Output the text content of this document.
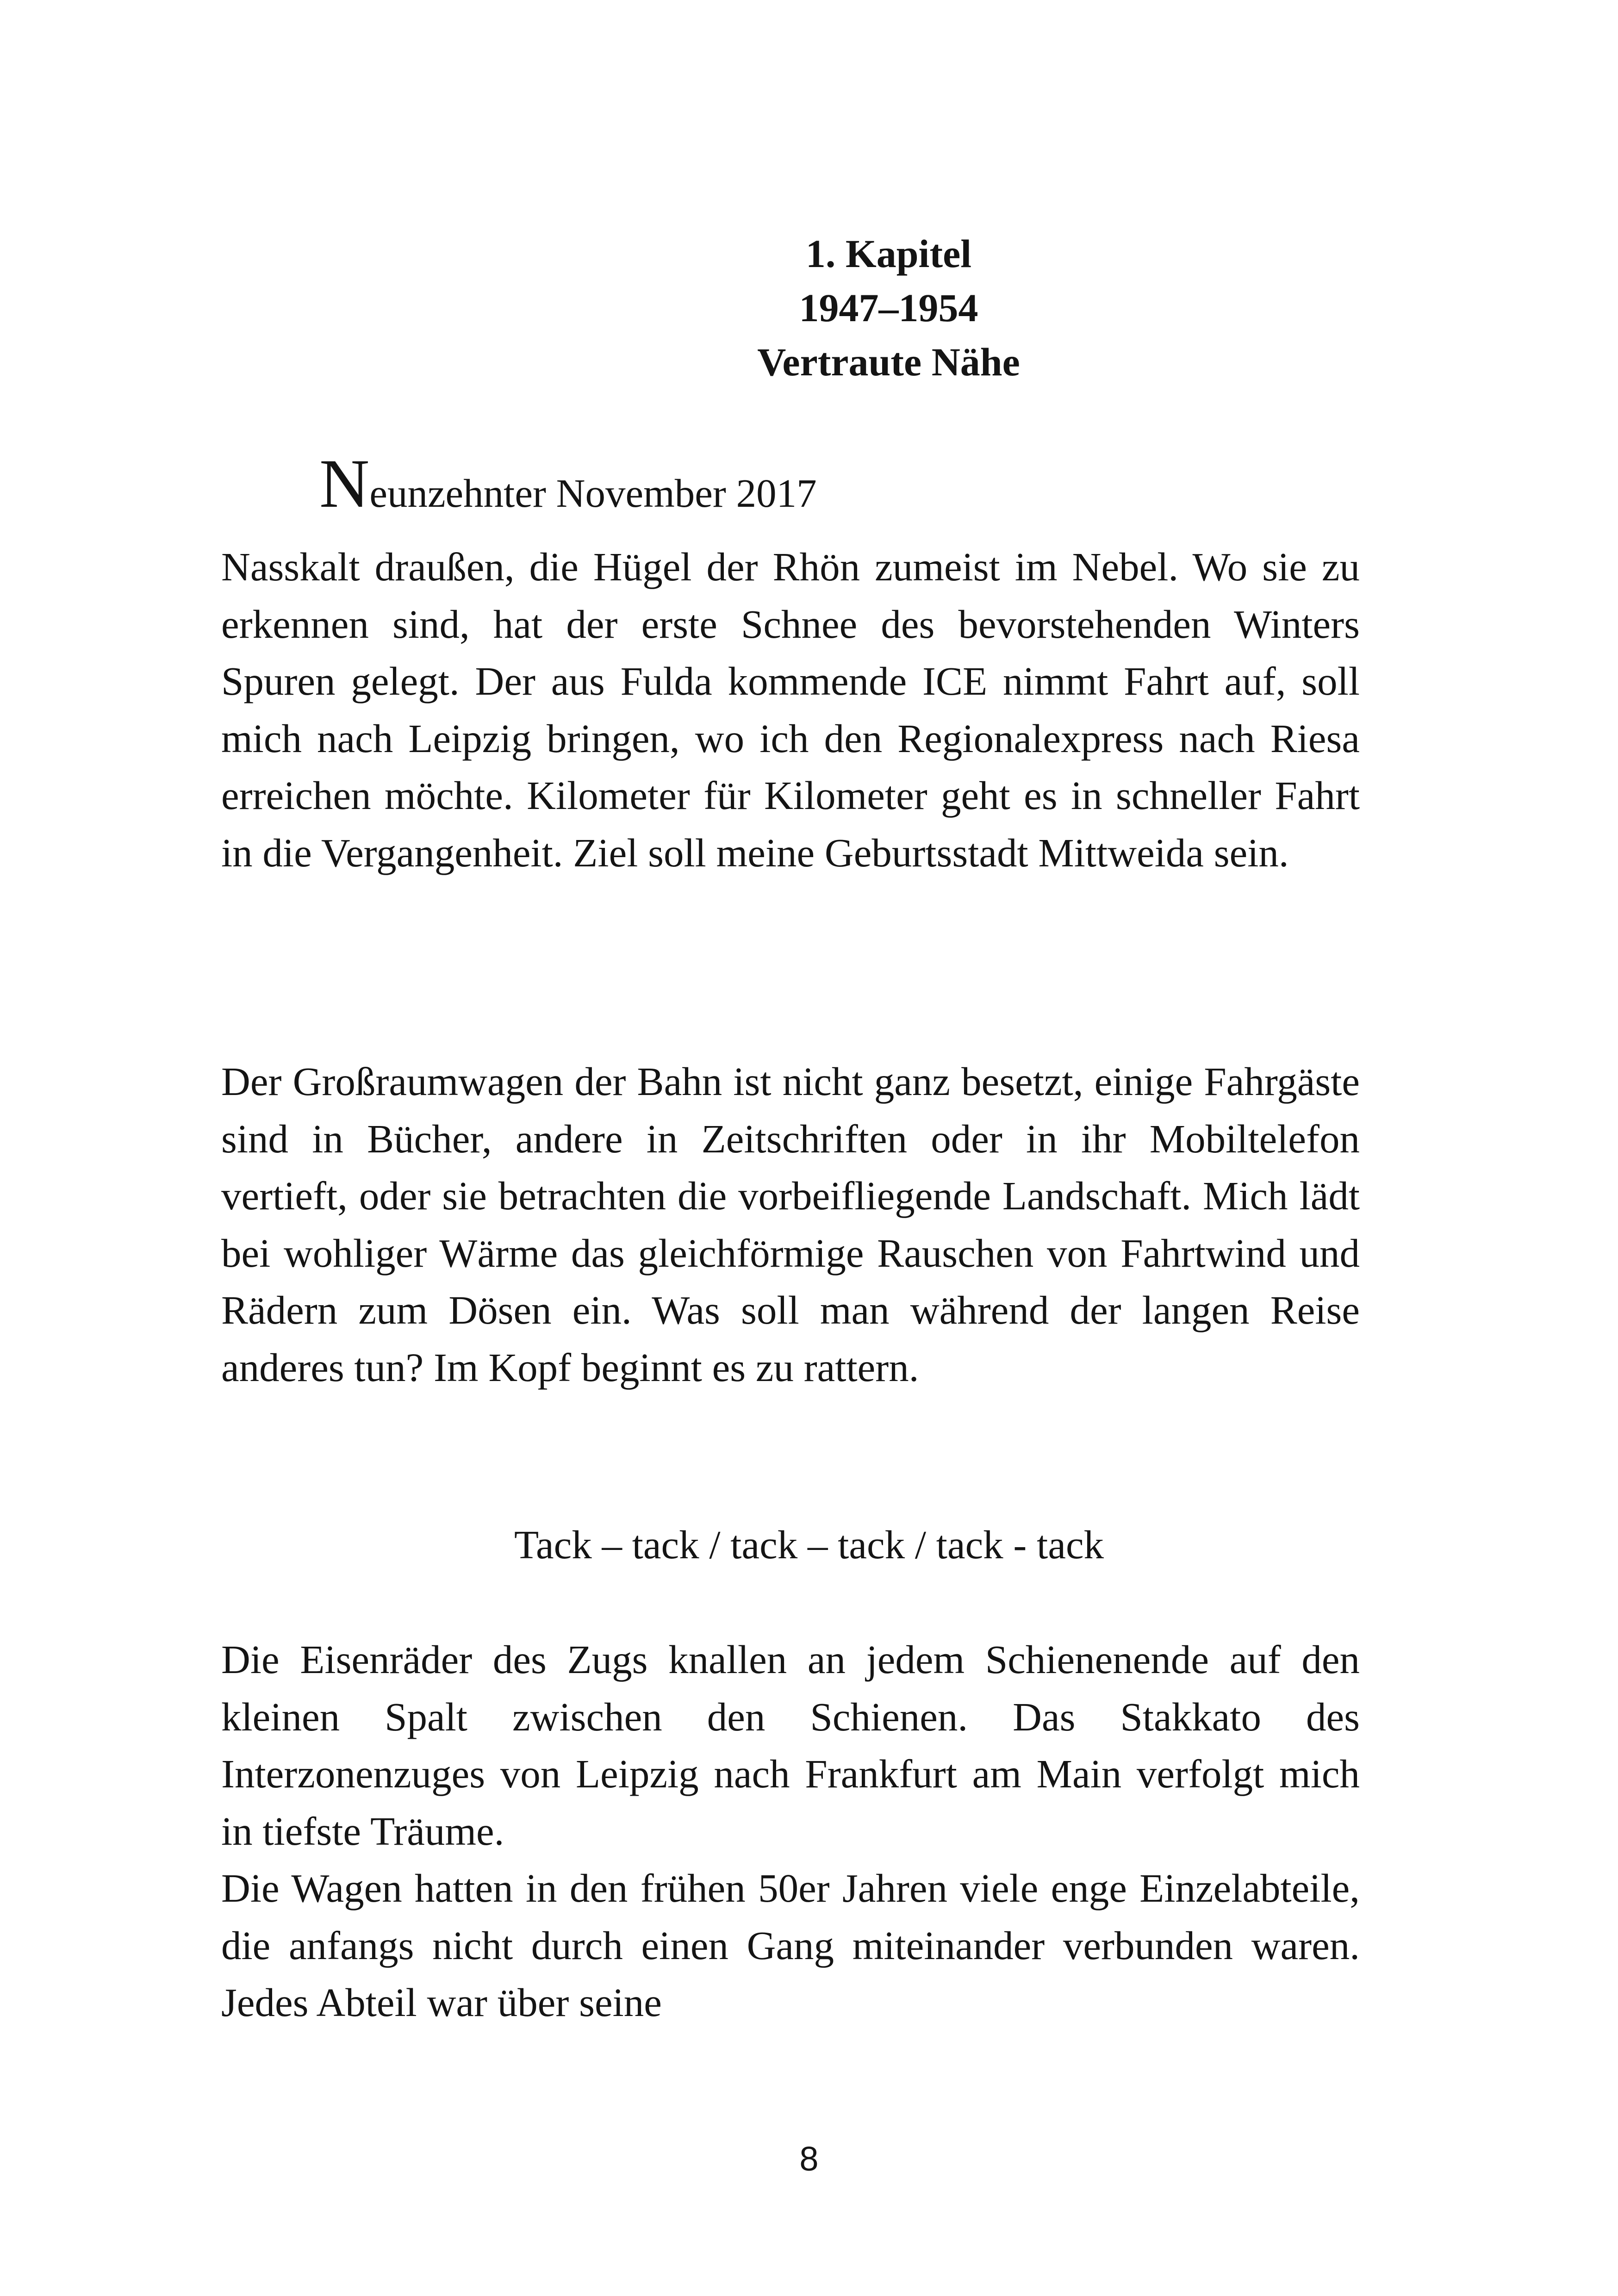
1. Kapitel
1947–1954
Vertraute Nähe
Neunzehnter November 2017
Nasskalt draußen, die Hügel der Rhön zumeist im Nebel. Wo sie zu erkennen sind, hat der erste Schnee des bevorstehenden Winters Spuren gelegt. Der aus Fulda kommende ICE nimmt Fahrt auf, soll mich nach Leipzig bringen, wo ich den Regionalexpress nach Riesa erreichen möchte. Kilometer für Kilometer geht es in schneller Fahrt in die Vergangenheit. Ziel soll meine Geburtsstadt Mittweida sein.
Der Großraumwagen der Bahn ist nicht ganz besetzt, einige Fahrgäste sind in Bücher, andere in Zeitschriften oder in ihr Mobiltelefon vertieft, oder sie betrachten die vorbeifliegende Landschaft. Mich lädt bei wohliger Wärme das gleichförmige Rauschen von Fahrtwind und Rädern zum Dösen ein. Was soll man während der langen Reise anderes tun? Im Kopf beginnt es zu rattern.
Tack – tack / tack – tack / tack - tack
Die Eisenräder des Zugs knallen an jedem Schienenende auf den kleinen Spalt zwischen den Schienen. Das Stakkato des Interzonenzuges von Leipzig nach Frankfurt am Main verfolgt mich in tiefste Träume.
Die Wagen hatten in den frühen 50er Jahren viele enge Einzelabteile, die anfangs nicht durch einen Gang miteinander verbunden waren. Jedes Abteil war über seine
8
